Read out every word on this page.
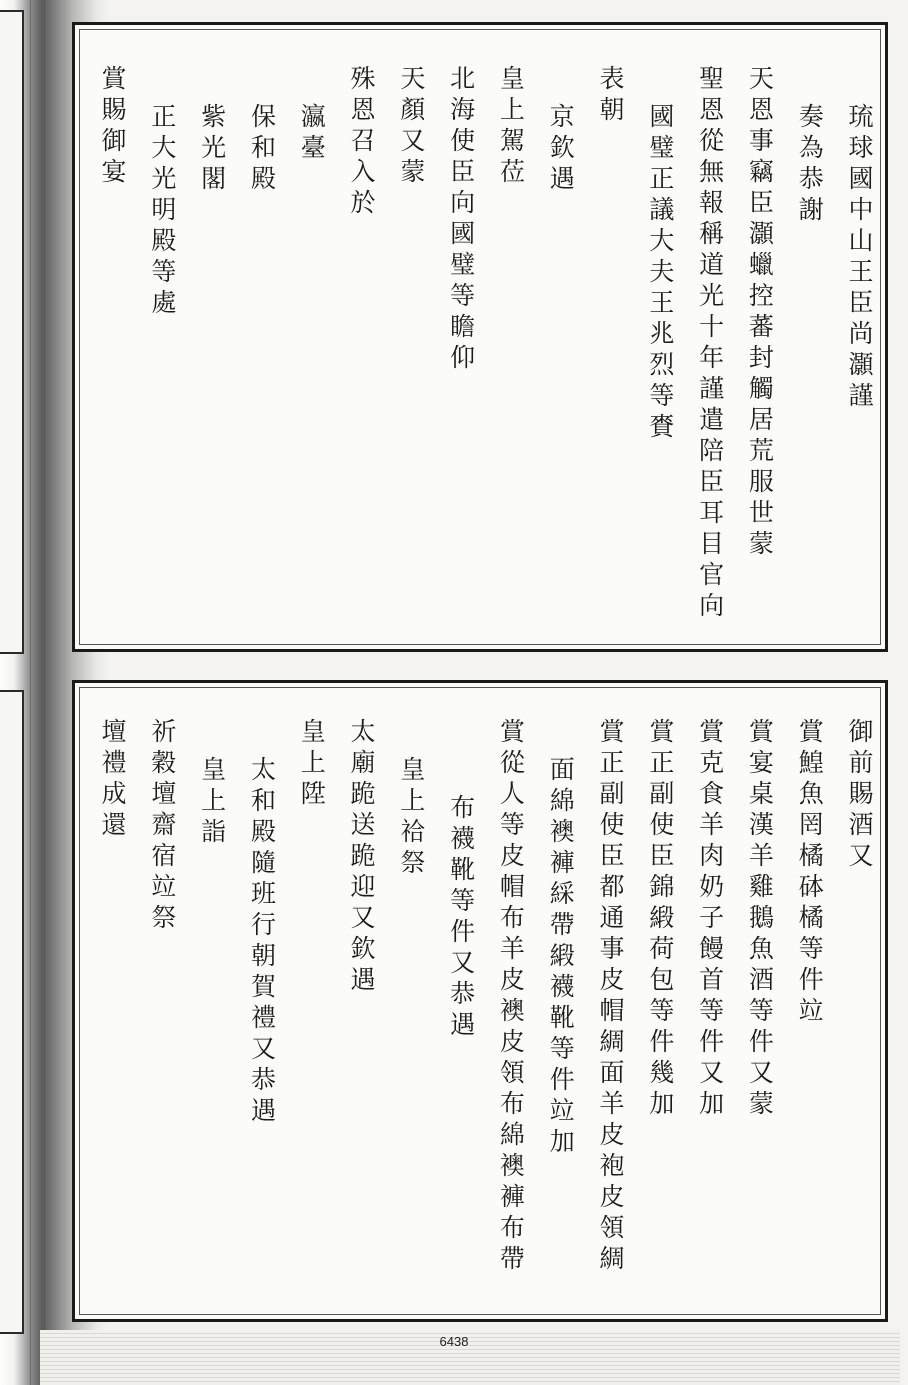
琉球國中山王臣尚灝謹
奏為恭謝
天恩事竊臣灝蠟控蕃封觸居荒服世蒙
聖恩從無報稱道光十年謹遣陪臣耳目官向
國璧正議大夫王兆烈等賚
表朝
京欽遇
皇上駕莅
北海使臣向國璧等瞻仰
天顏又蒙
殊恩召入於
瀛臺
保和殿
紫光閣
正大光明殿等處
賞賜御宴
御前賜酒又
賞鰉魚罔橘砵橘等件竝
賞宴桌漢羊雞鵝魚酒等件又蒙
賞克食羊肉奶子饅首等件又加
賞正副使臣錦緞荷包等件幾加
賞正副使臣都通事皮帽綢面羊皮袍皮領綢
面綿襖褲綵帶緞襪靴等件竝加
賞從人等皮帽布羊皮襖皮領布綿襖褲布帶
布襪靴等件又恭遇
皇上祫祭
太廟跪送跪迎又欽遇
皇上陞
太和殿隨班行朝賀禮又恭遇
皇上詣
祈穀壇齋宿竝祭
壇禮成還
6438
